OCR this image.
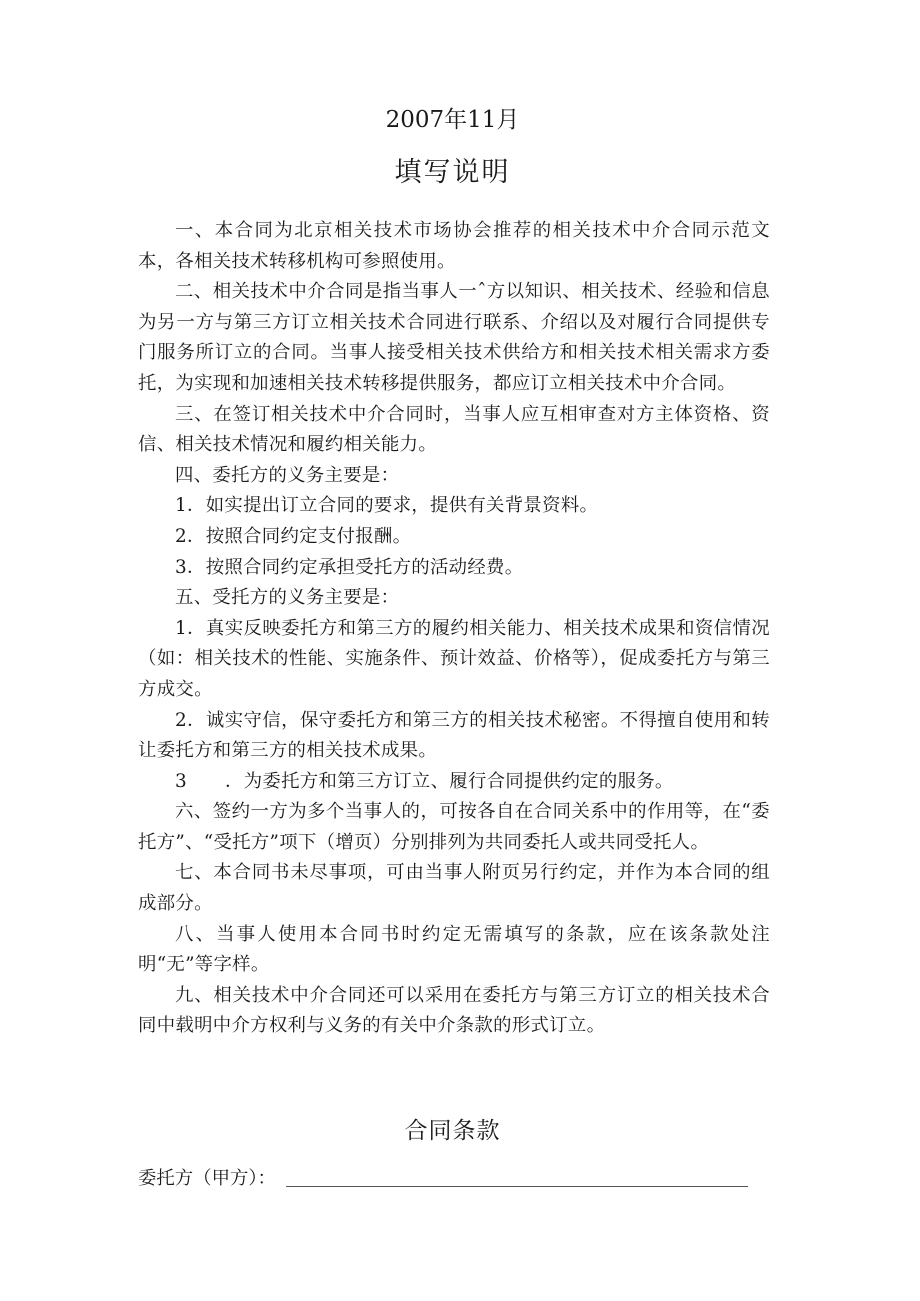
2007年11月
填写说明

一、本合同为北京相关技术市场协会推荐的相关技术中介合同示范文本，各相关技术转移机构可参照使用。

二、相关技术中介合同是指当事人一ˆ方以知识、相关技术、经验和信息为另一方与第三方订立相关技术合同进行联系、介绍以及对履行合同提供专门服务所订立的合同。当事人接受相关技术供给方和相关技术相关需求方委托，为实现和加速相关技术转移提供服务，都应订立相关技术中介合同。

三、在签订相关技术中介合同时，当事人应互相审查对方主体资格、资信、相关技术情况和履约相关能力。

四、委托方的义务主要是：

1．如实提出订立合同的要求，提供有关背景资料。

2．按照合同约定支付报酬。

3．按照合同约定承担受托方的活动经费。

五、受托方的义务主要是：

1．真实反映委托方和第三方的履约相关能力、相关技术成果和资信情况（如：相关技术的性能、实施条件、预计效益、价格等），促成委托方与第三方成交。

2．诚实守信，保守委托方和第三方的相关技术秘密。不得擅自使用和转让委托方和第三方的相关技术成果。

3 ．为委托方和第三方订立、履行合同提供约定的服务。

六、签约一方为多个当事人的，可按各自在合同关系中的作用等，在“委托方”、“受托方”项下（增页）分别排列为共同委托人或共同受托人。

七、本合同书未尽事项，可由当事人附页另行约定，并作为本合同的组成部分。

八、当事人使用本合同书时约定无需填写的条款，应在该条款处注明“无”等字样。

九、相关技术中介合同还可以采用在委托方与第三方订立的相关技术合同中载明中介方权利与义务的有关中介条款的形式订立。

合同条款
委托方（甲方）：
